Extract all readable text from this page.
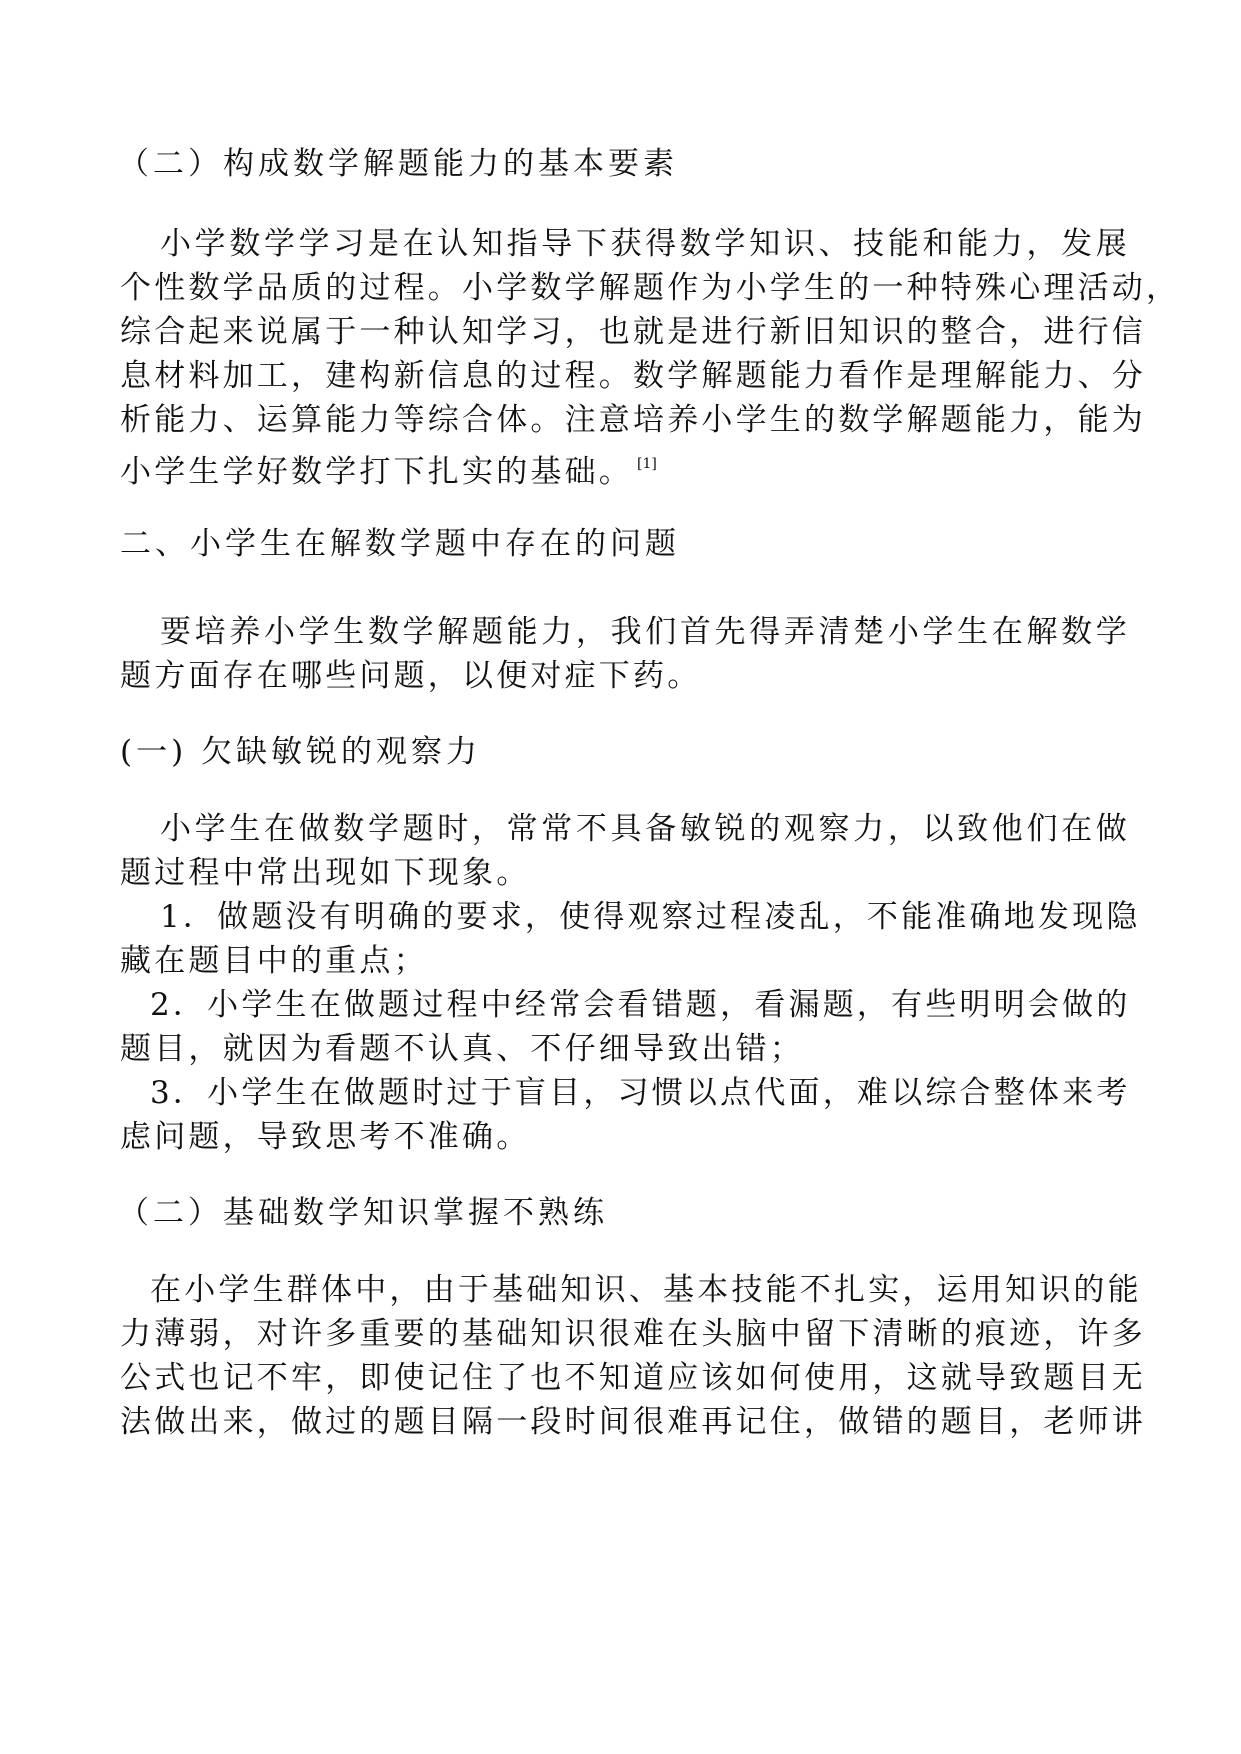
（二）构成数学解题能力的基本要素
小学数学学习是在认知指导下获得数学知识、技能和能力，发展
个性数学品质的过程。小学数学解题作为小学生的一种特殊心理活动，
综合起来说属于一种认知学习，也就是进行新旧知识的整合，进行信
息材料加工，建构新信息的过程。数学解题能力看作是理解能力、分
析能力、运算能力等综合体。注意培养小学生的数学解题能力，能为
小学生学好数学打下扎实的基础。 [1]
二、小学生在解数学题中存在的问题
要培养小学生数学解题能力，我们首先得弄清楚小学生在解数学
题方面存在哪些问题，以便对症下药。
(一) 欠缺敏锐的观察力
小学生在做数学题时，常常不具备敏锐的观察力，以致他们在做
题过程中常出现如下现象。
1．做题没有明确的要求，使得观察过程凌乱，不能准确地发现隐
藏在题目中的重点；
2．小学生在做题过程中经常会看错题，看漏题，有些明明会做的
题目，就因为看题不认真、不仔细导致出错；
3．小学生在做题时过于盲目，习惯以点代面，难以综合整体来考
虑问题，导致思考不准确。
（二）基础数学知识掌握不熟练
在小学生群体中，由于基础知识、基本技能不扎实，运用知识的能
力薄弱，对许多重要的基础知识很难在头脑中留下清晰的痕迹，许多
公式也记不牢，即使记住了也不知道应该如何使用，这就导致题目无
法做出来，做过的题目隔一段时间很难再记住，做错的题目，老师讲
